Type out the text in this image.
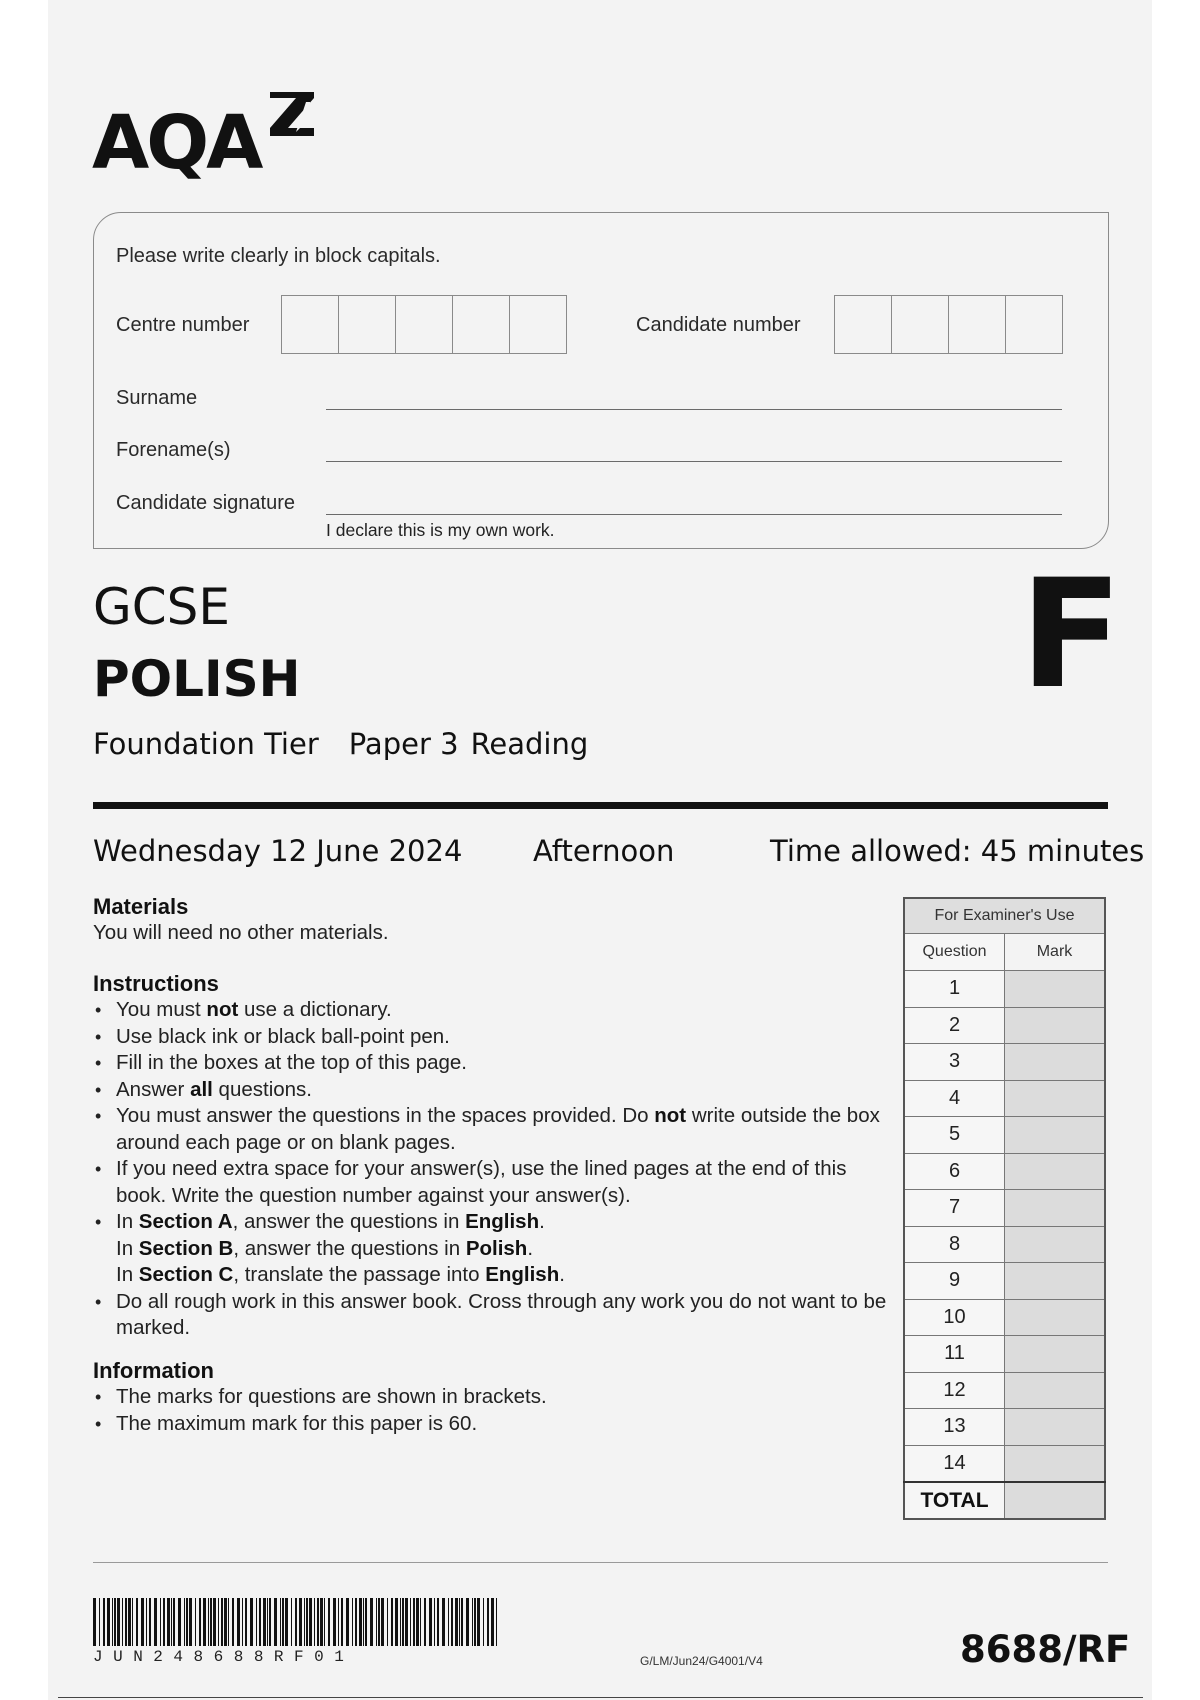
AQA
Please write clearly in block capitals.
Centre number	Candidate number
Surname
Forename(s)
Candidate signature
I declare this is my own work.
GCSE
POLISH
Foundation Tier Paper 3 Reading
F
Wednesday 12 June 2024 Afternoon	Time allowed: 45 minutes
Materials
You will need no other materials.
Instructions
• You must not use a dictionary.
• Use black ink or black ball-point pen.
• Fill in the boxes at the top of this page.
• Answer all questions.
• You must answer the questions in the spaces provided. Do not write outside the box around each page or on blank pages.
• If you need extra space for your answer(s), use the lined pages at the end of this book. Write the question number against your answer(s).
• In Section A, answer the questions in English.
In Section B, answer the questions in Polish.
In Section C, translate the passage into English.
• Do all rough work in this answer book. Cross through any work you do not want to be marked.
Information
• The marks for questions are shown in brackets.
• The maximum mark for this paper is 60.
For Examiner's Use	
Question	Mark
1	
2	
3	
4	
5	
6	
7	
8	
9	
10	
11	
12	
13	
14	
TOTAL	
JUN248688RF01	G/LM/Jun24/G4001/V4	8688/RF
